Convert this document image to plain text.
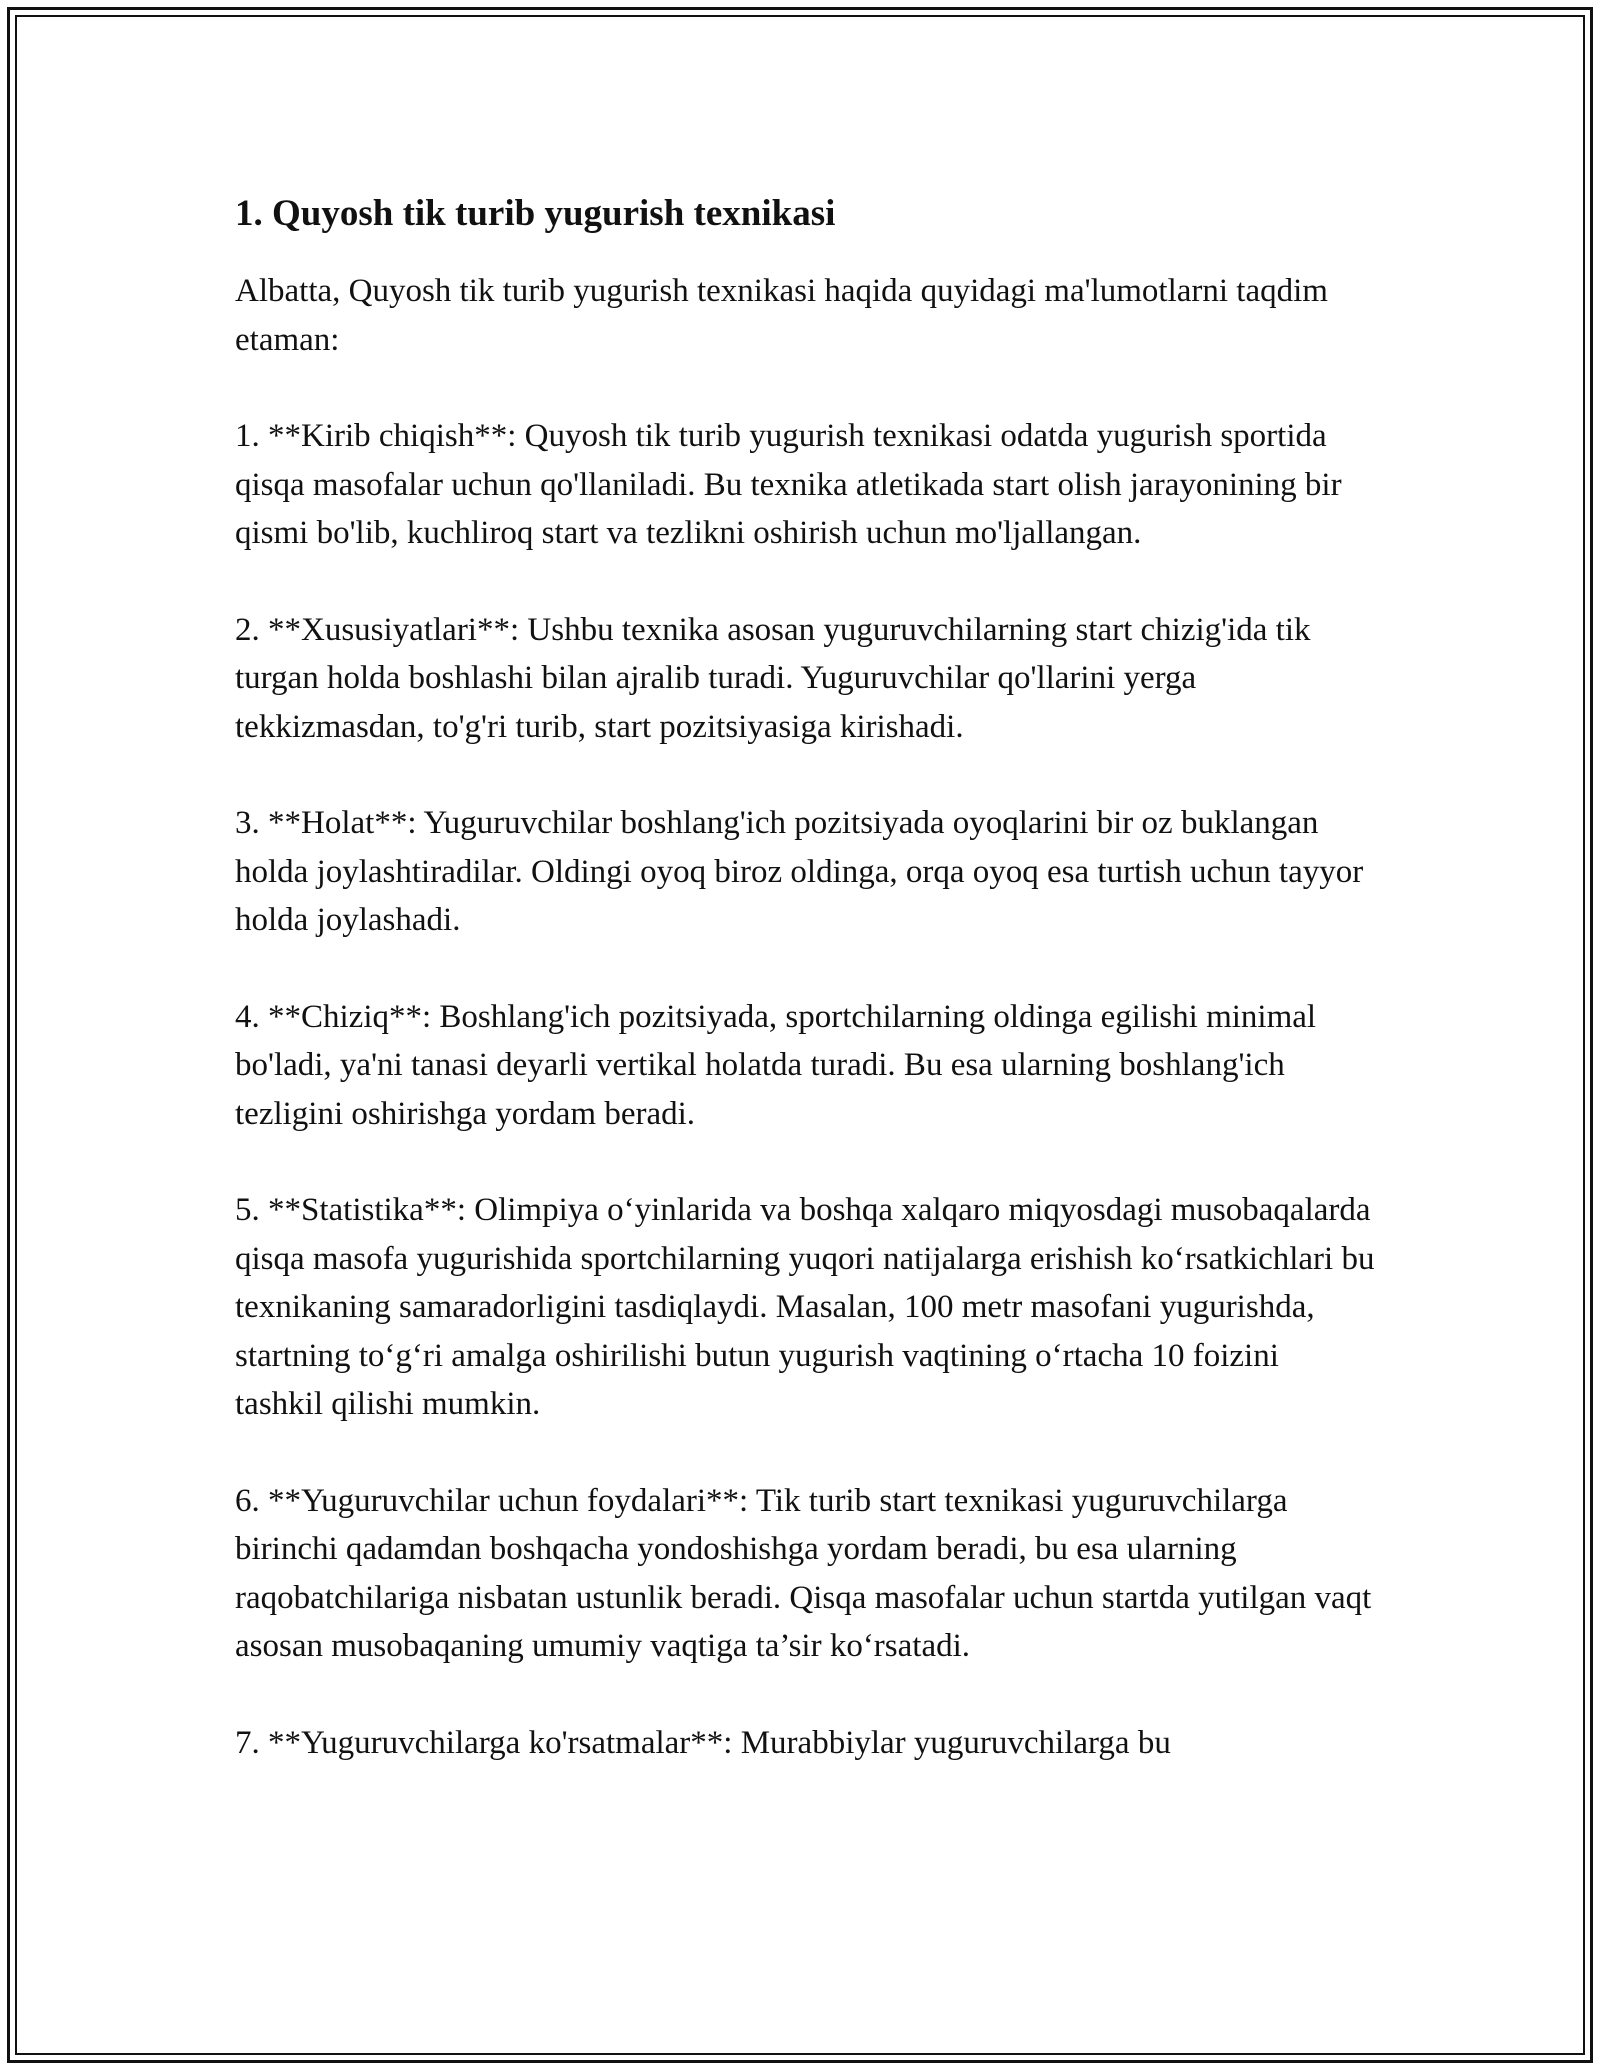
1. Quyosh tik turib yugurish texnikasi

Albatta, Quyosh tik turib yugurish texnikasi haqida quyidagi ma'lumotlarni taqdim etaman:

1. **Kirib chiqish**: Quyosh tik turib yugurish texnikasi odatda yugurish sportida qisqa masofalar uchun qo'llaniladi. Bu texnika atletikada start olish jarayonining bir qismi bo'lib, kuchliroq start va tezlikni oshirish uchun mo'ljallangan.

2. **Xususiyatlari**: Ushbu texnika asosan yuguruvchilarning start chizig'ida tik turgan holda boshlashi bilan ajralib turadi. Yuguruvchilar qo'llarini yerga tekkizmasdan, to'g'ri turib, start pozitsiyasiga kirishadi.

3. **Holat**: Yuguruvchilar boshlang'ich pozitsiyada oyoqlarini bir oz buklangan holda joylashtiradilar. Oldingi oyoq biroz oldinga, orqa oyoq esa turtish uchun tayyor holda joylashadi.

4. **Chiziq**: Boshlang'ich pozitsiyada, sportchilarning oldinga egilishi minimal bo'ladi, ya'ni tanasi deyarli vertikal holatda turadi. Bu esa ularning boshlang'ich tezligini oshirishga yordam beradi.

5. **Statistika**: Olimpiya o‘yinlarida va boshqa xalqaro miqyosdagi musobaqalarda qisqa masofa yugurishida sportchilarning yuqori natijalarga erishish ko‘rsatkichlari bu texnikaning samaradorligini tasdiqlaydi. Masalan, 100 metr masofani yugurishda, startning to‘g‘ri amalga oshirilishi butun yugurish vaqtining o‘rtacha 10 foizini tashkil qilishi mumkin.

6. **Yuguruvchilar uchun foydalari**: Tik turib start texnikasi yuguruvchilarga birinchi qadamdan boshqacha yondoshishga yordam beradi, bu esa ularning raqobatchilariga nisbatan ustunlik beradi. Qisqa masofalar uchun startda yutilgan vaqt asosan musobaqaning umumiy vaqtiga ta’sir ko‘rsatadi.

7. **Yuguruvchilarga ko'rsatmalar**: Murabbiylar yuguruvchilarga bu
